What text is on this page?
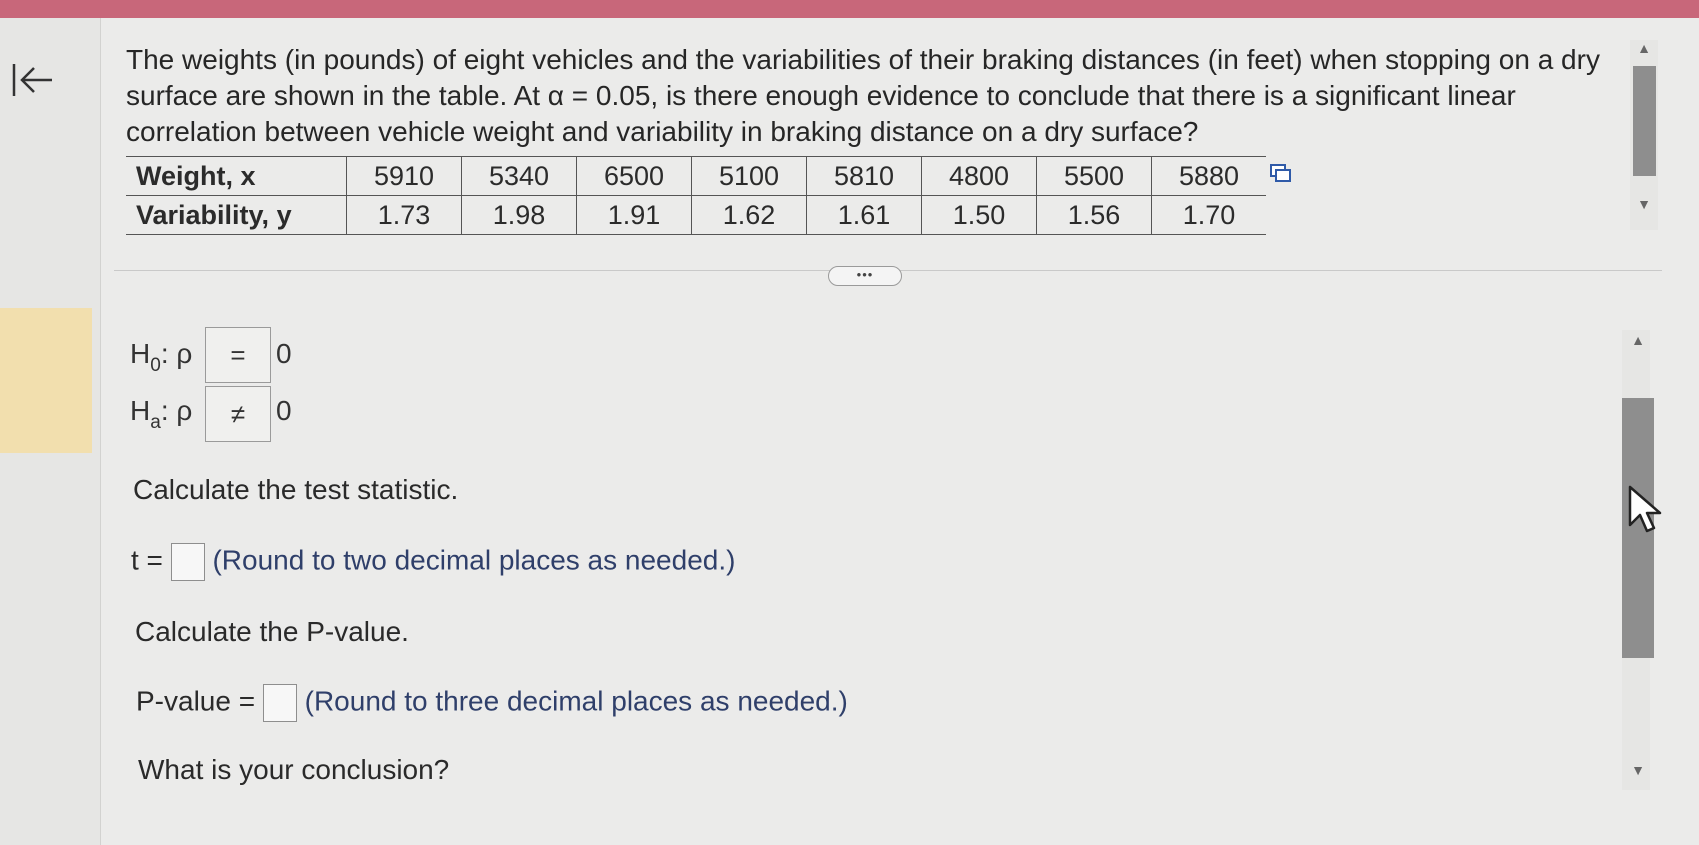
The weights (in pounds) of eight vehicles and the variabilities of their braking distances (in feet) when stopping on a dry surface are shown in the table. At α = 0.05, is there enough evidence to conclude that there is a significant linear correlation between vehicle weight and variability in braking distance on a dry surface?
Weight, x	5910	5340	6500	5100	5810	4800	5500	5880
Variability, y	1.73	1.98	1.91	1.62	1.61	1.50	1.56	1.70
•••
$H_0$: ρ	=	0
$H_a$: ρ	≠	0
Calculate the test statistic.
t = (Round to two decimal places as needed.)
Calculate the P-value.
P-value = (Round to three decimal places as needed.)
What is your conclusion?
▲
▼
▲
▼
